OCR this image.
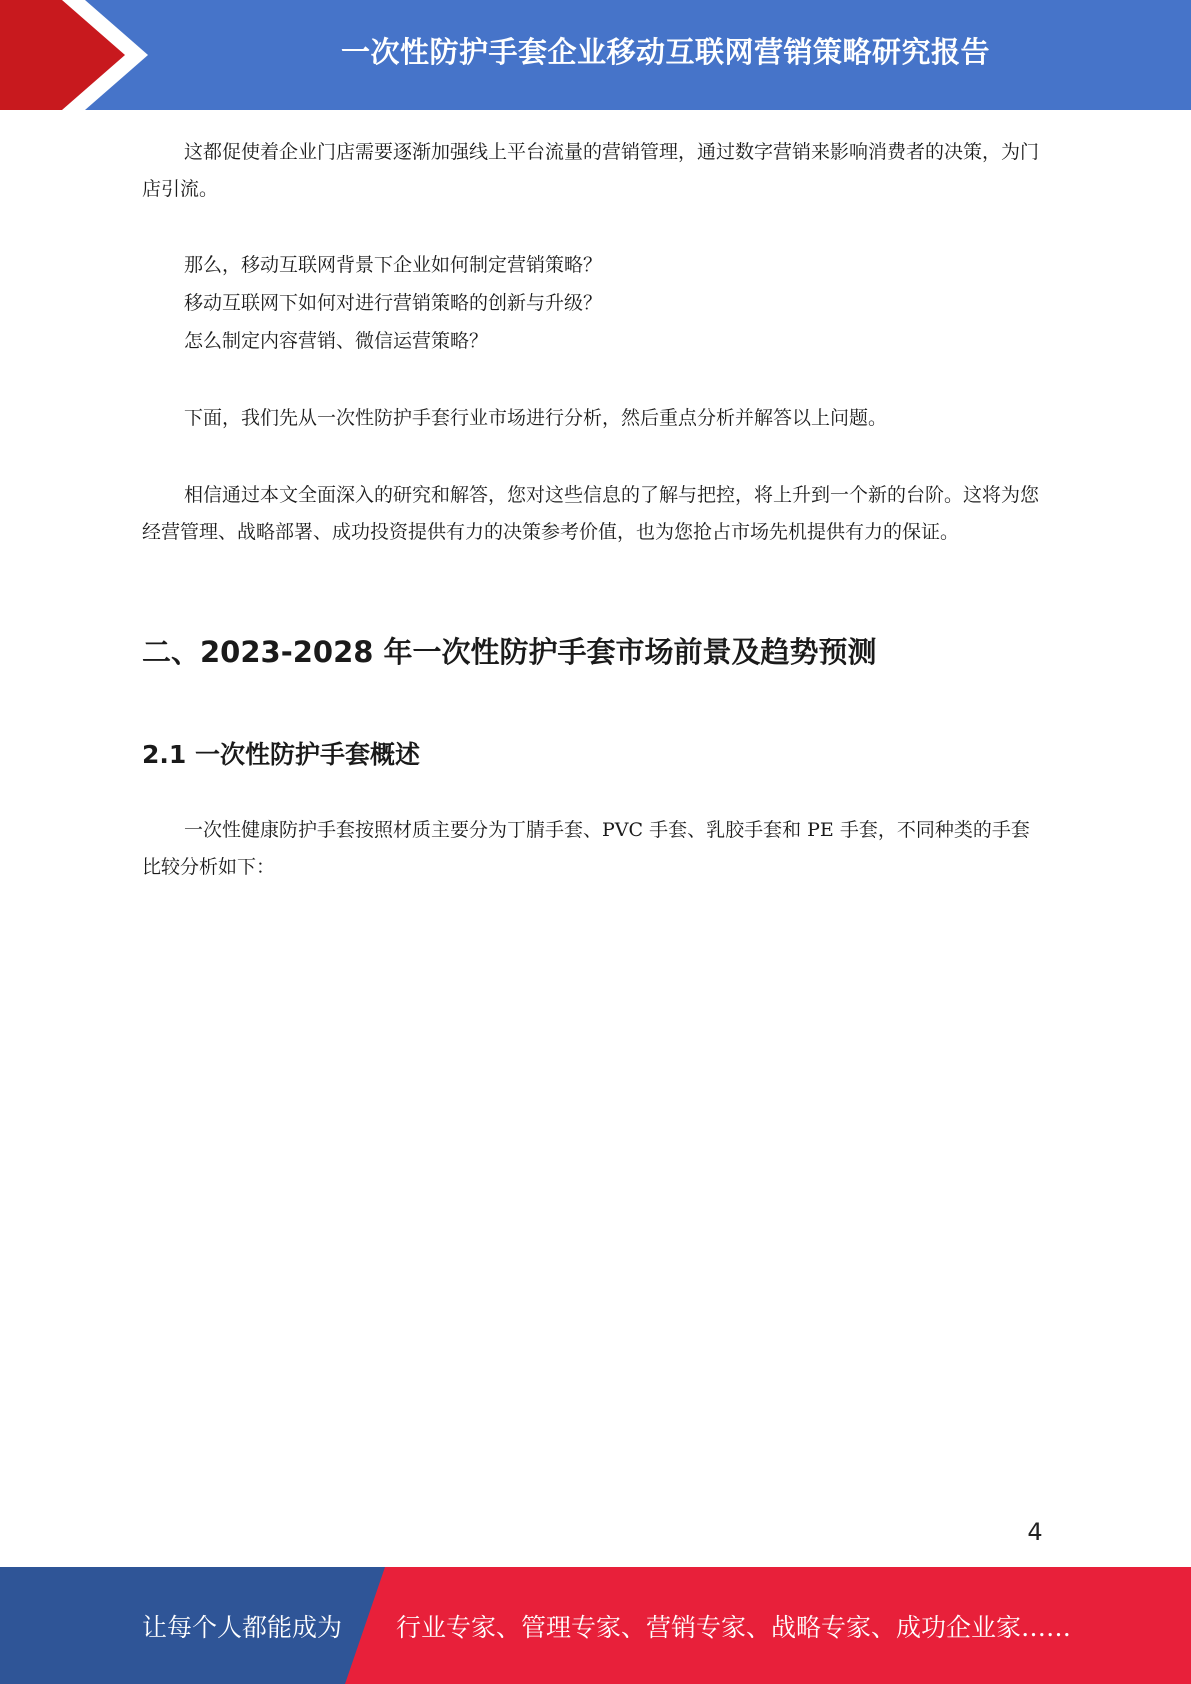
一次性防护手套企业移动互联网营销策略研究报告

这都促使着企业门店需要逐渐加强线上平台流量的营销管理，通过数字营销来影响消费者的决策，为门店引流。

那么，移动互联网背景下企业如何制定营销策略？

移动互联网下如何对进行营销策略的创新与升级？

怎么制定内容营销、微信运营策略？

下面，我们先从一次性防护手套行业市场进行分析，然后重点分析并解答以上问题。

相信通过本文全面深入的研究和解答，您对这些信息的了解与把控，将上升到一个新的台阶。这将为您经营管理、战略部署、成功投资提供有力的决策参考价值，也为您抢占市场先机提供有力的保证。

二、2023-2028 年一次性防护手套市场前景及趋势预测
2.1 一次性防护手套概述

一次性健康防护手套按照材质主要分为丁腈手套、PVC 手套、乳胶手套和 PE 手套，不同种类的手套比较分析如下：

4
让每个人都能成为 行业专家、管理专家、营销专家、战略专家、成功企业家……
